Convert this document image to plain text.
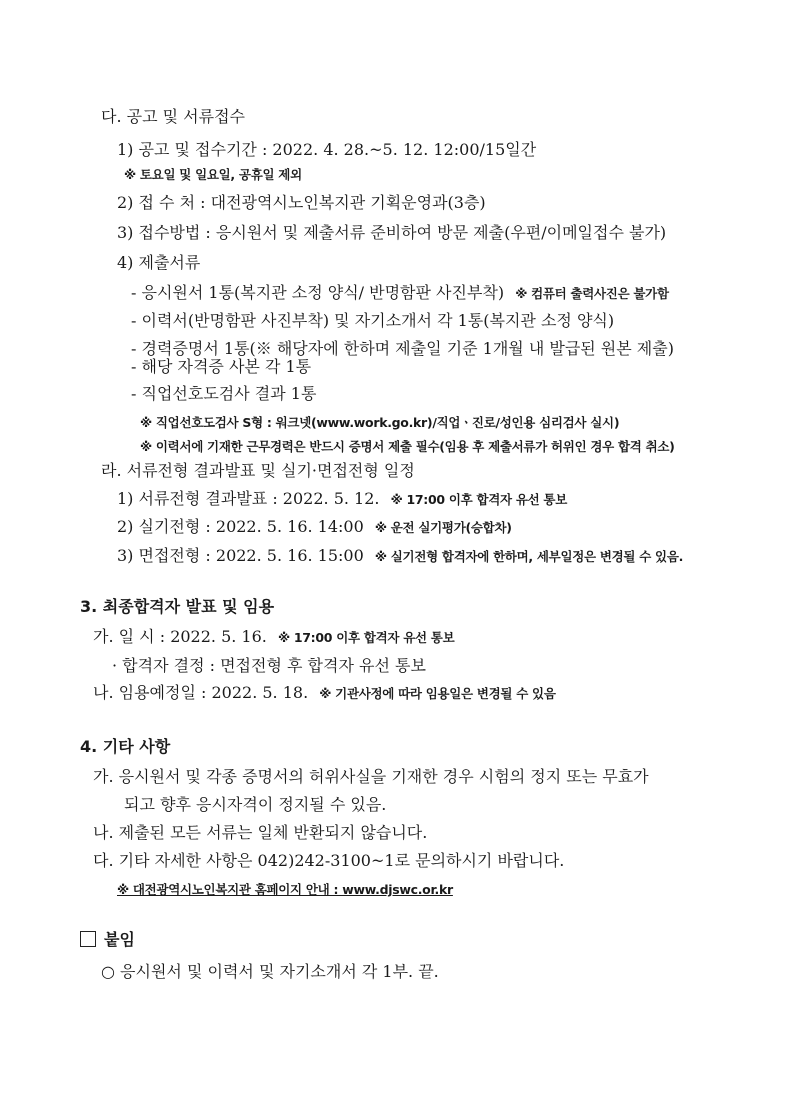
다. 공고 및 서류접수
1) 공고 및 접수기간 : 2022. 4. 28.~5. 12. 12:00/15일간
※ 토요일 및 일요일, 공휴일 제외
2) 접 수 처 : 대전광역시노인복지관 기획운영과(3층)
3) 접수방법 : 응시원서 및 제출서류 준비하여 방문 제출(우편/이메일접수 불가)
4) 제출서류
- 응시원서 1통(복지관 소정 양식/ 반명함판 사진부착) ※ 컴퓨터 출력사진은 불가함
- 이력서(반명함판 사진부착) 및 자기소개서 각 1통(복지관 소정 양식)
- 경력증명서 1통(※ 해당자에 한하며 제출일 기준 1개월 내 발급된 원본 제출)
- 해당 자격증 사본 각 1통
- 직업선호도검사 결과 1통
※ 직업선호도검사 S형 : 워크넷(www.work.go.kr)/직업ㆍ진로/성인용 심리검사 실시)
※ 이력서에 기재한 근무경력은 반드시 증명서 제출 필수(임용 후 제출서류가 허위인 경우 합격 취소)
라. 서류전형 결과발표 및 실기·면접전형 일정
1) 서류전형 결과발표 : 2022. 5. 12. ※ 17:00 이후 합격자 유선 통보
2) 실기전형 : 2022. 5. 16. 14:00 ※ 운전 실기평가(승합차)
3) 면접전형 : 2022. 5. 16. 15:00 ※ 실기전형 합격자에 한하며, 세부일정은 변경될 수 있음.
3. 최종합격자 발표 및 임용
가. 일 시 : 2022. 5. 16. ※ 17:00 이후 합격자 유선 통보
· 합격자 결정 : 면접전형 후 합격자 유선 통보
나. 임용예정일 : 2022. 5. 18. ※ 기관사정에 따라 임용일은 변경될 수 있음
4. 기타 사항
가. 응시원서 및 각종 증명서의 허위사실을 기재한 경우 시험의 정지 또는 무효가
되고 향후 응시자격이 정지될 수 있음.
나. 제출된 모든 서류는 일체 반환되지 않습니다.
다. 기타 자세한 사항은 042)242-3100~1로 문의하시기 바랍니다.
※ 대전광역시노인복지관 홈페이지 안내 : www.djswc.or.kr
붙임
○ 응시원서 및 이력서 및 자기소개서 각 1부. 끝.
